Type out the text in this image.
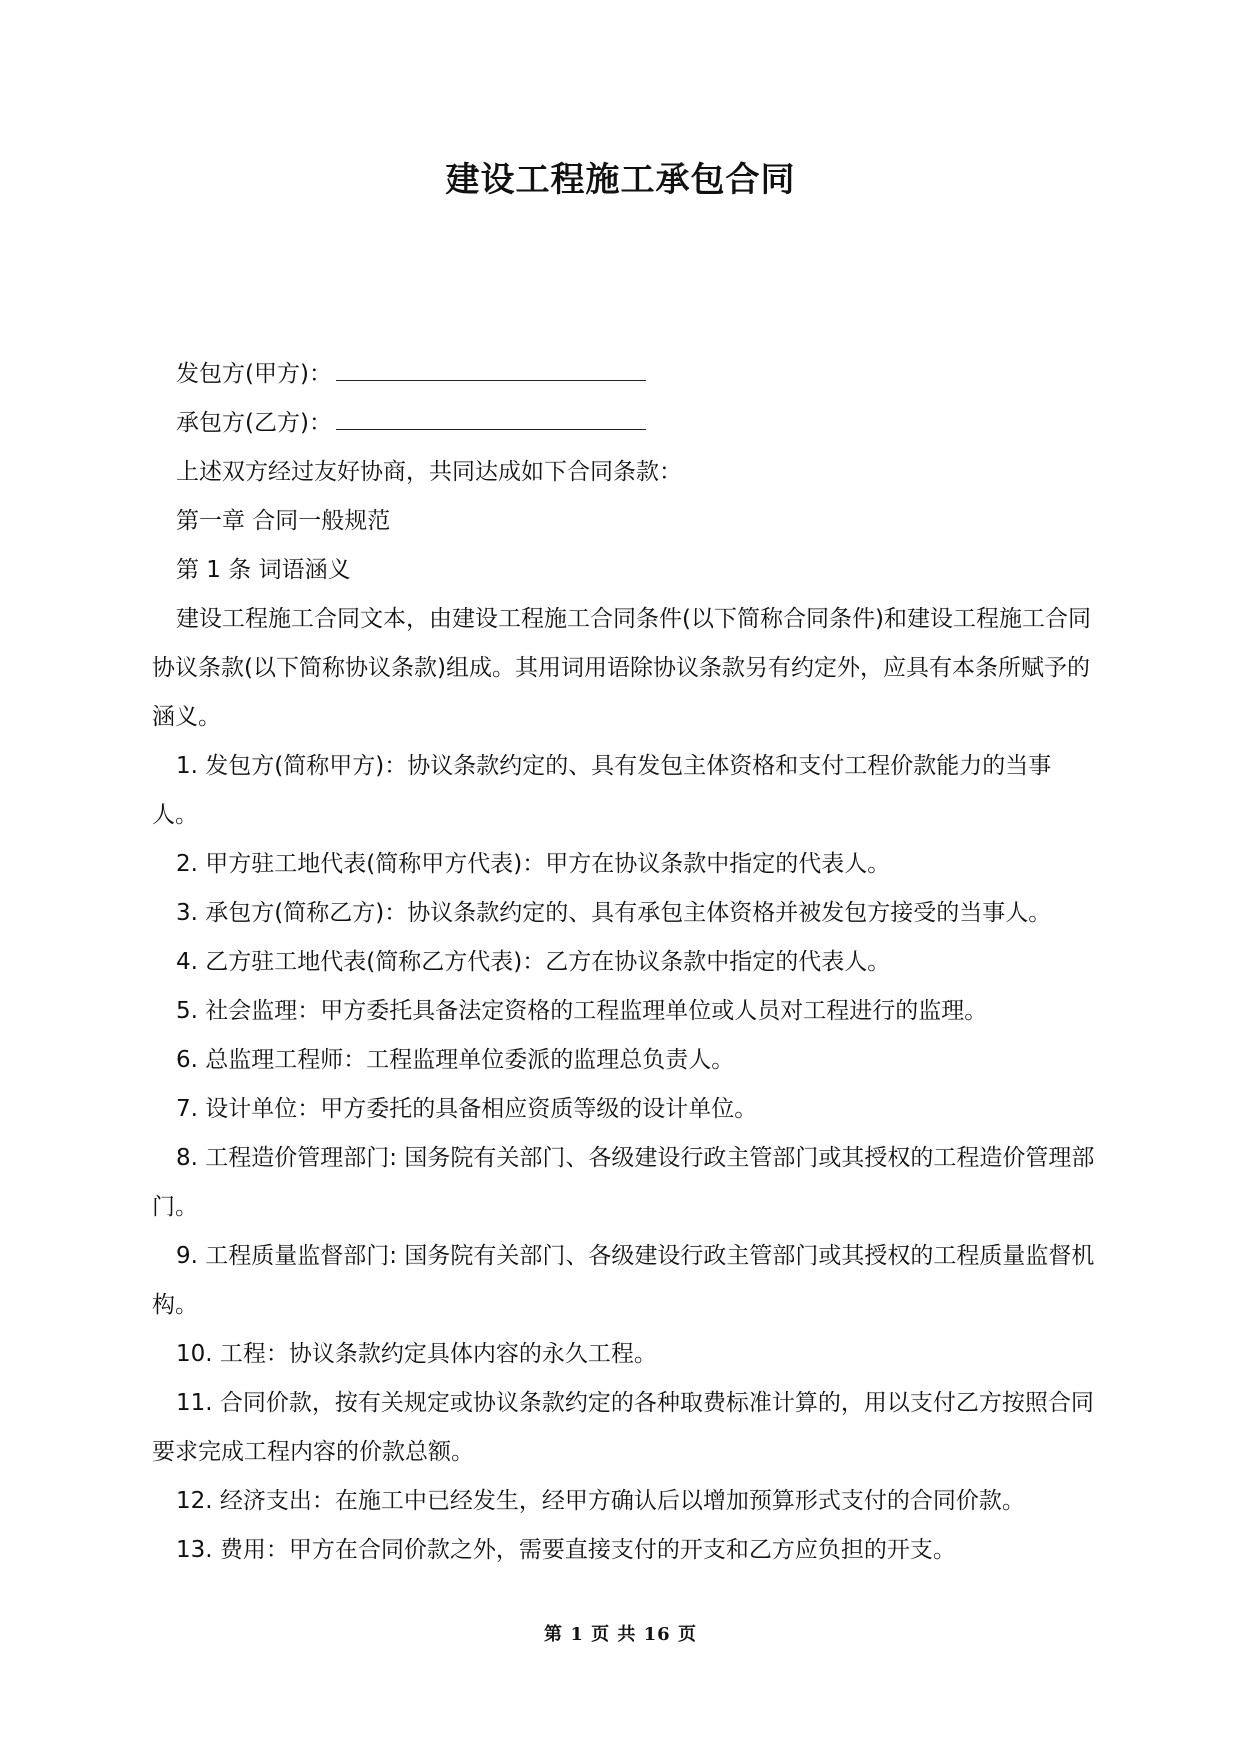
建设工程施工承包合同
发包方(甲方)：
承包方(乙方)：

上述双方经过友好协商，共同达成如下合同条款：

第一章 合同一般规范

第 1 条 词语涵义

建设工程施工合同文本，由建设工程施工合同条件(以下简称合同条件)和建设工程施工合同协议条款(以下简称协议条款)组成。其用词用语除协议条款另有约定外，应具有本条所赋予的涵义。

1. 发包方(简称甲方)：协议条款约定的、具有发包主体资格和支付工程价款能力的当事人。

2. 甲方驻工地代表(简称甲方代表)：甲方在协议条款中指定的代表人。

3. 承包方(简称乙方)：协议条款约定的、具有承包主体资格并被发包方接受的当事人。

4. 乙方驻工地代表(简称乙方代表)：乙方在协议条款中指定的代表人。

5. 社会监理：甲方委托具备法定资格的工程监理单位或人员对工程进行的监理。

6. 总监理工程师：工程监理单位委派的监理总负责人。

7. 设计单位：甲方委托的具备相应资质等级的设计单位。

8. 工程造价管理部门: 国务院有关部门、各级建设行政主管部门或其授权的工程造价管理部门。

9. 工程质量监督部门: 国务院有关部门、各级建设行政主管部门或其授权的工程质量监督机构。

10. 工程：协议条款约定具体内容的永久工程。

11. 合同价款，按有关规定或协议条款约定的各种取费标准计算的，用以支付乙方按照合同要求完成工程内容的价款总额。

12. 经济支出：在施工中已经发生，经甲方确认后以增加预算形式支付的合同价款。

13. 费用：甲方在合同价款之外，需要直接支付的开支和乙方应负担的开支。

第 1 页 共 16 页
